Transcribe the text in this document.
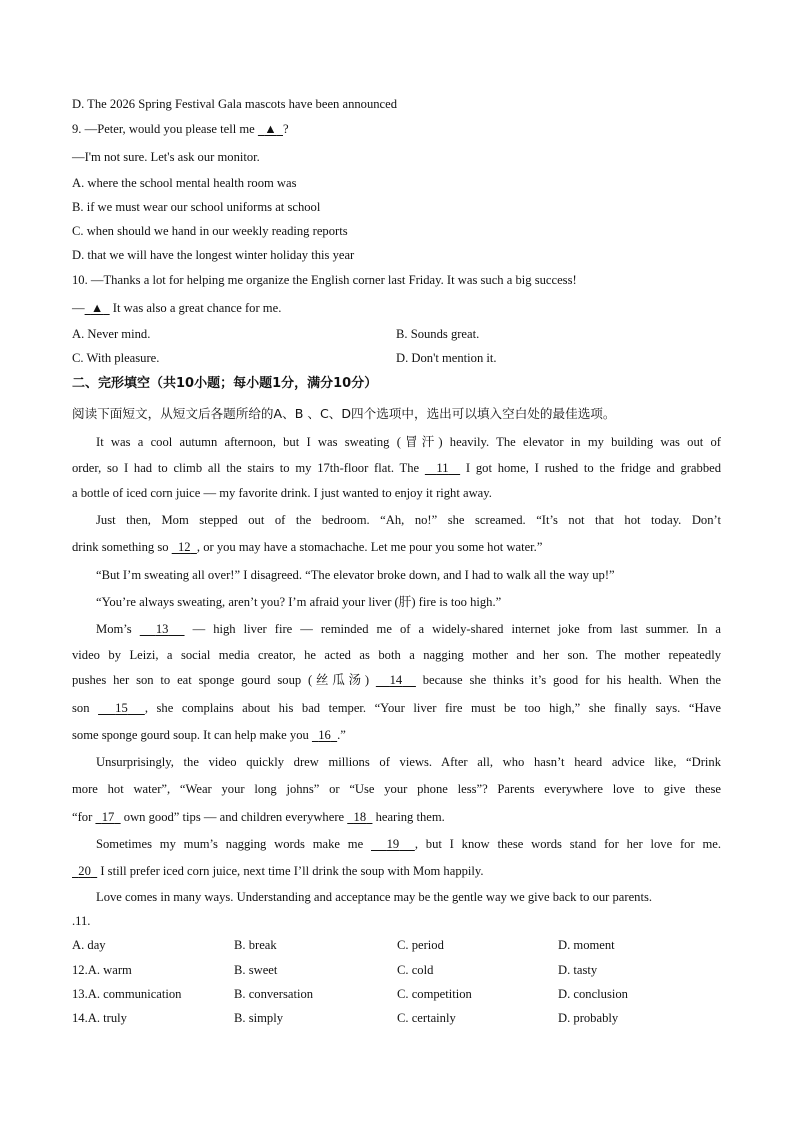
D. The 2026 Spring Festival Gala mascots have been announced
9. —Peter, would you please tell me   ▲ ?
—I'm not sure. Let's ask our monitor.
A. where the school mental health room was
B. if we must wear our school uniforms at school
C. when should we hand in our weekly reading reports
D. that we will have the longest winter holiday this year
10. —Thanks a lot for helping me organize the English corner last Friday. It was such a big success!
— ▲   It was also a great chance for me.
A. Never mind.	B. Sounds great.
C. With pleasure.	D. Don't mention it.
二、完形填空（共10小题；每小题1分，满分10分）
阅读下面短文，从短文后各题所给的A、B 、C、D四个选项中，选出可以填入空白处的最佳选项。
It was a cool autumn afternoon, but I was sweating (冒汗) heavily. The elevator in my building was out of
order, so I had to climb all the stairs to my 17th-floor flat. The   11   I got home, I rushed to the fridge and grabbed
a bottle of iced corn juice — my favorite drink. I just wanted to enjoy it right away.
Just then, Mom stepped out of the bedroom. “Ah, no!” she screamed. “It’s not that hot today. Don’t
drink something so   12 , or you may have a stomachache. Let me pour you some hot water.”
“But I’m sweating all over!” I disagreed. “The elevator broke down, and I had to walk all the way up!”
“You’re always sweating, aren’t you? I’m afraid your liver (肝) fire is too high.”
Mom’s   13   — high liver fire — reminded me of a widely-shared internet joke from last summer. In a
video by Leizi, a social media creator, he acted as both a nagging mother and her son. The mother repeatedly
pushes her son to eat sponge gourd soup (丝瓜汤)   14   because she thinks it’s good for his health. When the
son   15 , she complains about his bad temper. “Your liver fire must be too high,” she finally says. “Have
some sponge gourd soup. It can help make you   16 .”
Unsurprisingly, the video quickly drew millions of views. After all, who hasn’t heard advice like, “Drink
more hot water”, “Wear your long johns” or “Use your phone less”? Parents everywhere love to give these
“for   17   own good” tips — and children everywhere   18   hearing them.
Sometimes my mum’s nagging words make me   19 , but I know these words stand for her love for me.
20   I still prefer iced corn juice, next time I’ll drink the soup with Mom happily.
Love comes in many ways. Understanding and acceptance may be the gentle way we give back to our parents.
.11.
A. day	B. break	C. period	D. moment
12.A. warm	B. sweet	C. cold	D. tasty
13.A. communication	B. conversation	C. competition	D. conclusion
14.A. truly	B. simply	C. certainly	D. probably
